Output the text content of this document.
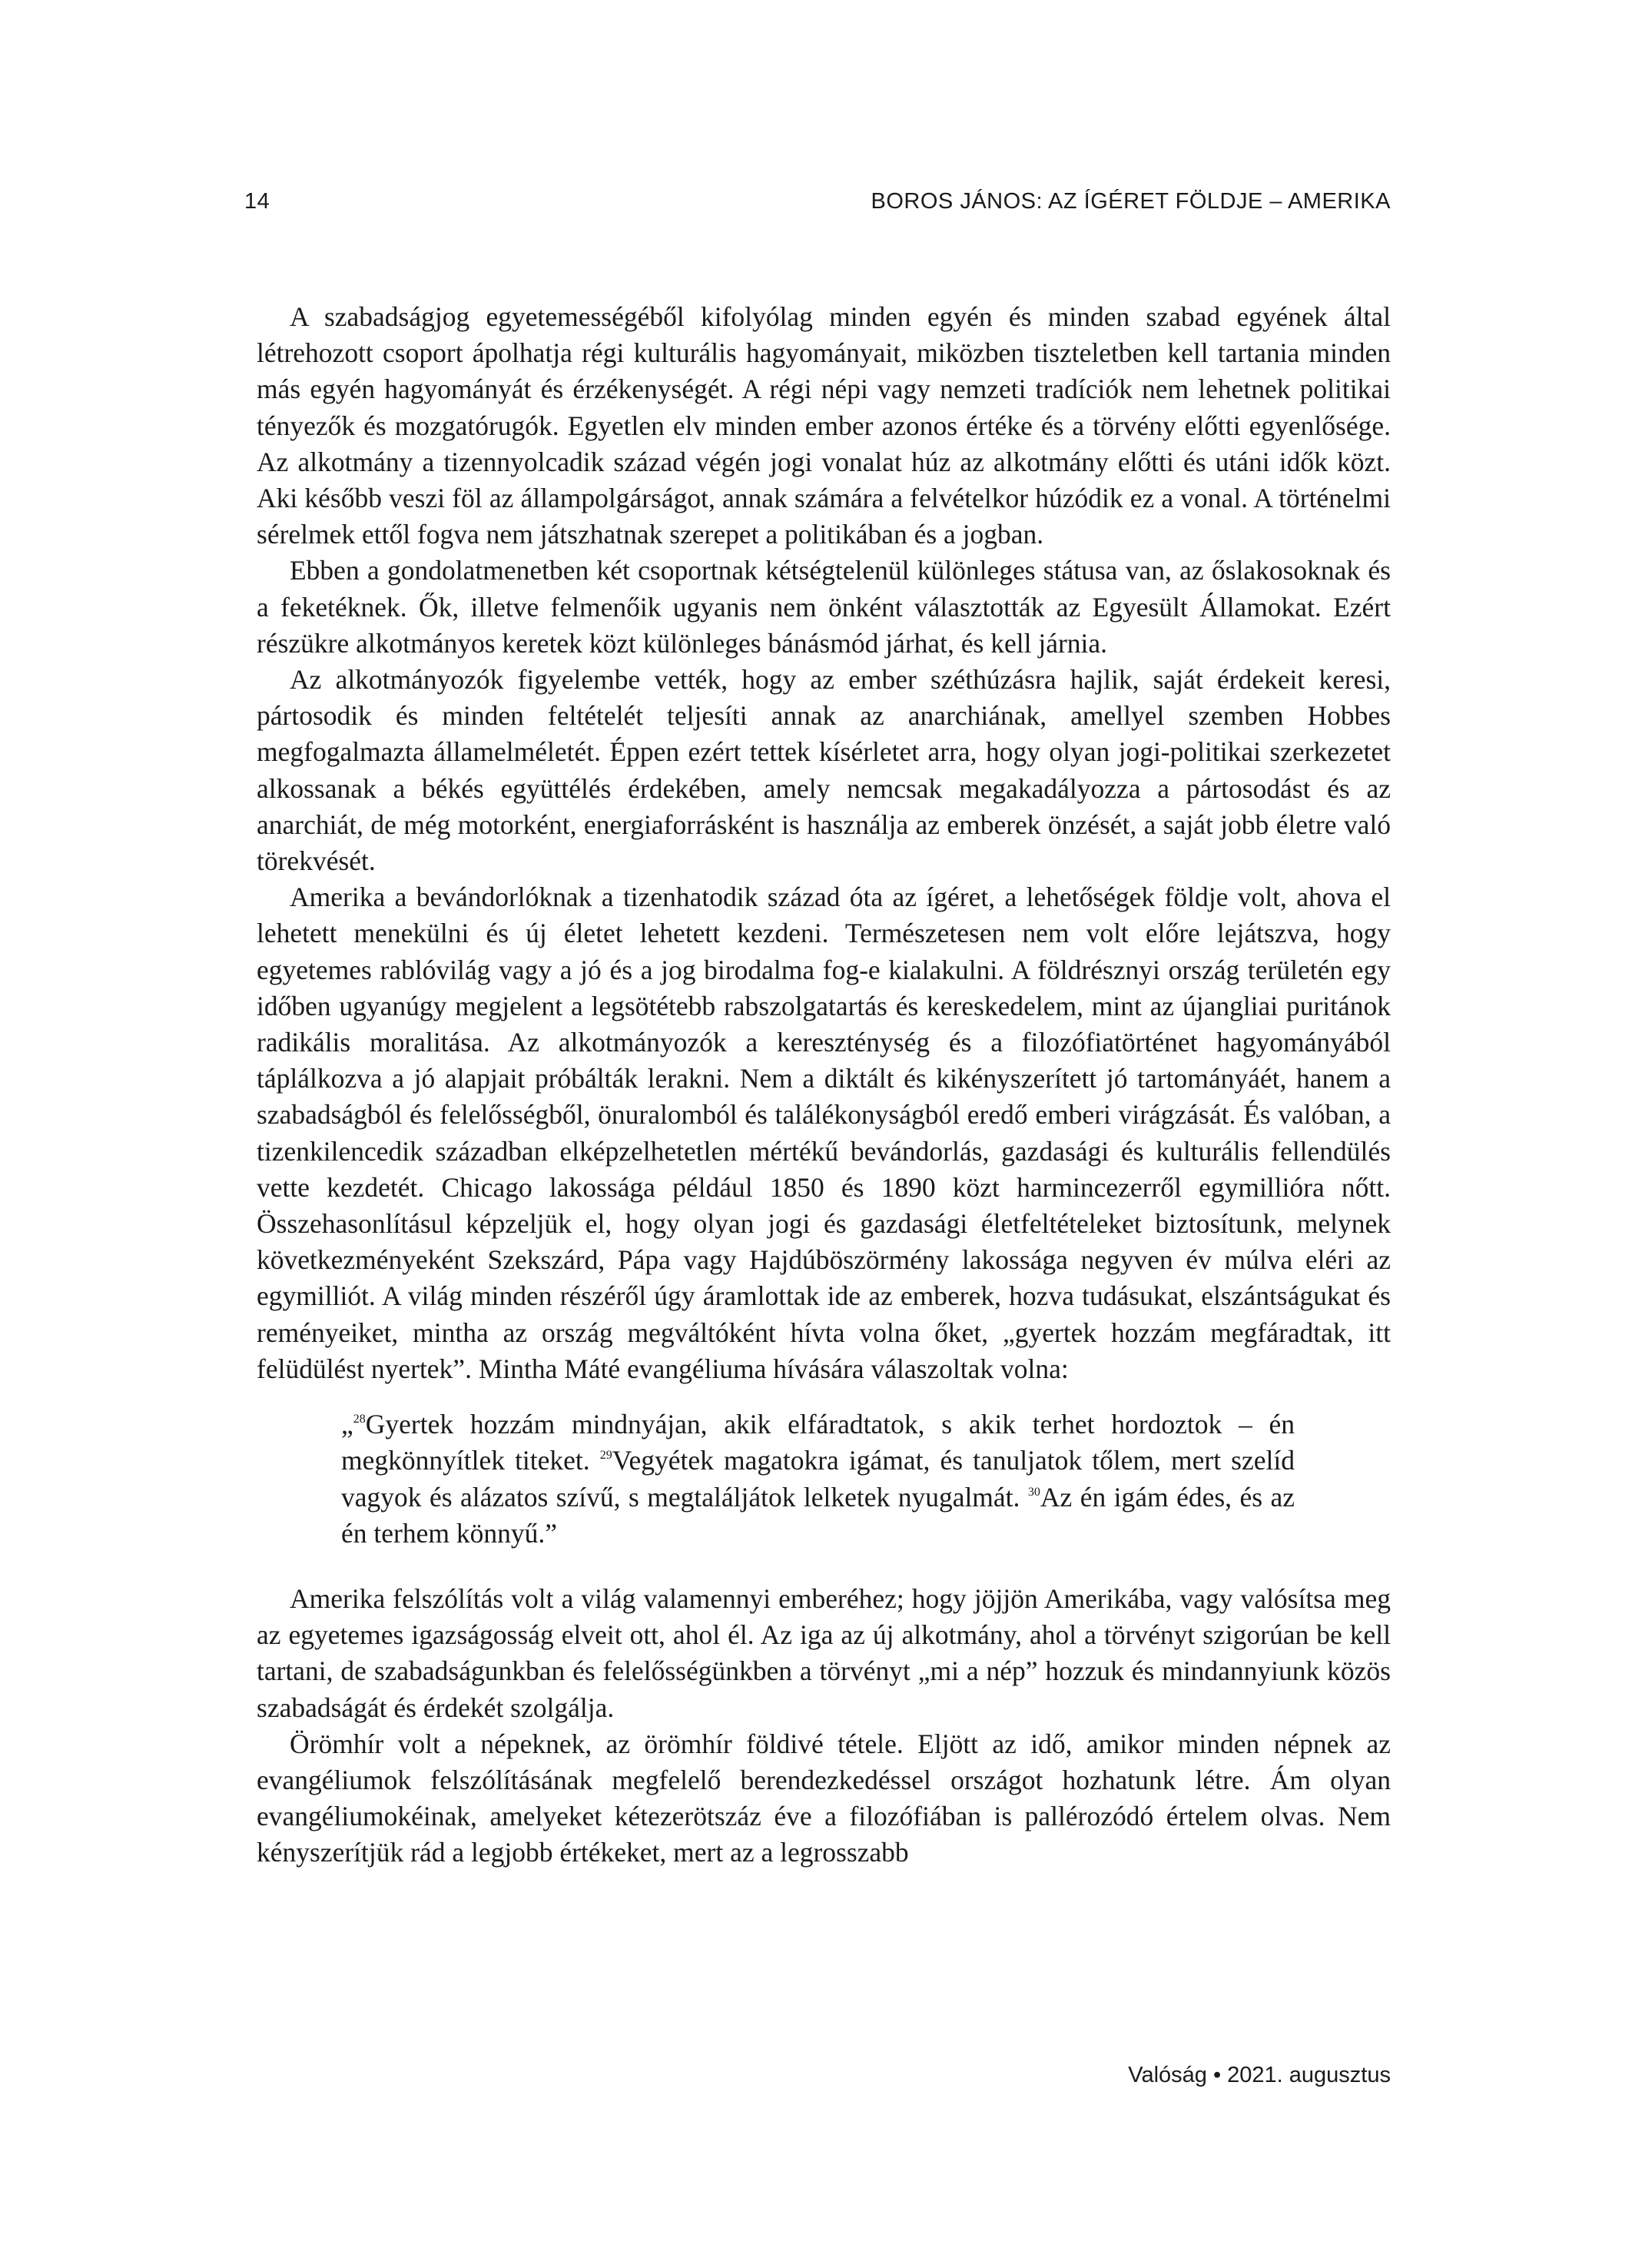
14	BOROS JÁNOS: AZ ÍGÉRET FÖLDJE – AMERIKA

A szabadságjog egyetemességéből kifolyólag minden egyén és minden szabad egyének által létrehozott csoport ápolhatja régi kulturális hagyományait, miközben tiszteletben kell tartania minden más egyén hagyományát és érzékenységét. A régi népi vagy nemzeti tradíciók nem lehetnek politikai tényezők és mozgatórugók. Egyetlen elv minden ember azonos értéke és a törvény előtti egyenlősége. Az alkotmány a tizennyolcadik század végén jogi vonalat húz az alkotmány előtti és utáni idők közt. Aki később veszi föl az állampolgárságot, annak számára a felvételkor húzódik ez a vonal. A történelmi sérelmek ettől fogva nem játszhatnak szerepet a politikában és a jogban.

Ebben a gondolatmenetben két csoportnak kétségtelenül különleges státusa van, az őslakosoknak és a feketéknek. Ők, illetve felmenőik ugyanis nem önként választották az Egyesült Államokat. Ezért részükre alkotmányos keretek közt különleges bánásmód járhat, és kell járnia.

Az alkotmányozók figyelembe vették, hogy az ember széthúzásra hajlik, saját érdekeit keresi, pártosodik és minden feltételét teljesíti annak az anarchiának, amellyel szemben Hobbes megfogalmazta államelméletét. Éppen ezért tettek kísérletet arra, hogy olyan jogi-politikai szerkezetet alkossanak a békés együttélés érdekében, amely nemcsak megakadályozza a pártosodást és az anarchiát, de még motorként, energiaforrásként is használja az emberek önzését, a saját jobb életre való törekvését.

Amerika a bevándorlóknak a tizenhatodik század óta az ígéret, a lehetőségek földje volt, ahova el lehetett menekülni és új életet lehetett kezdeni. Természetesen nem volt előre lejátszva, hogy egyetemes rablóvilág vagy a jó és a jog birodalma fog-e kialakulni. A földrésznyi ország területén egy időben ugyanúgy megjelent a legsötétebb rabszolgatartás és kereskedelem, mint az újangliai puritánok radikális moralitása. Az alkotmányozók a kereszténység és a filozófiatörténet hagyományából táplálkozva a jó alapjait próbálták lerakni. Nem a diktált és kikényszerített jó tartományáét, hanem a szabadságból és felelősségből, önuralomból és találékonyságból eredő emberi virágzását. És valóban, a tizenkilencedik században elképzelhetetlen mértékű bevándorlás, gazdasági és kulturális fellendülés vette kezdetét. Chicago lakossága például 1850 és 1890 közt harmincezerről egymillióra nőtt. Összehasonlításul képzeljük el, hogy olyan jogi és gazdasági életfeltételeket biztosítunk, melynek következményeként Szekszárd, Pápa vagy Hajdúböszörmény lakossága negyven év múlva eléri az egymilliót. A világ minden részéről úgy áramlottak ide az emberek, hozva tudásukat, elszántságukat és reményeiket, mintha az ország megváltóként hívta volna őket, „gyertek hozzám megfáradtak, itt felüdülést nyertek”. Mintha Máté evangéliuma hívására válaszoltak volna:

„$^{28}$Gyertek hozzám mindnyájan, akik elfáradtatok, s akik terhet hordoztok – én megkönnyítlek titeket. $^{29}$Vegyétek magatokra igámat, és tanuljatok tőlem, mert szelíd vagyok és alázatos szívű, s megtaláljátok lelketek nyugalmát. $^{30}$Az én igám édes, és az én terhem könnyű.”

Amerika felszólítás volt a világ valamennyi emberéhez; hogy jöjjön Amerikába, vagy valósítsa meg az egyetemes igazságosság elveit ott, ahol él. Az iga az új alkotmány, ahol a törvényt szigorúan be kell tartani, de szabadságunkban és felelősségünkben a törvényt „mi a nép” hozzuk és mindannyiunk közös szabadságát és érdekét szolgálja.

Örömhír volt a népeknek, az örömhír földivé tétele. Eljött az idő, amikor minden népnek az evangéliumok felszólításának megfelelő berendezkedéssel országot hozhatunk létre. Ám olyan evangéliumokéinak, amelyeket kétezerötszáz éve a filozófiában is pallérozódó értelem olvas. Nem kényszerítjük rád a legjobb értékeket, mert az a legrosszabb

Valóság • 2021. augusztus
